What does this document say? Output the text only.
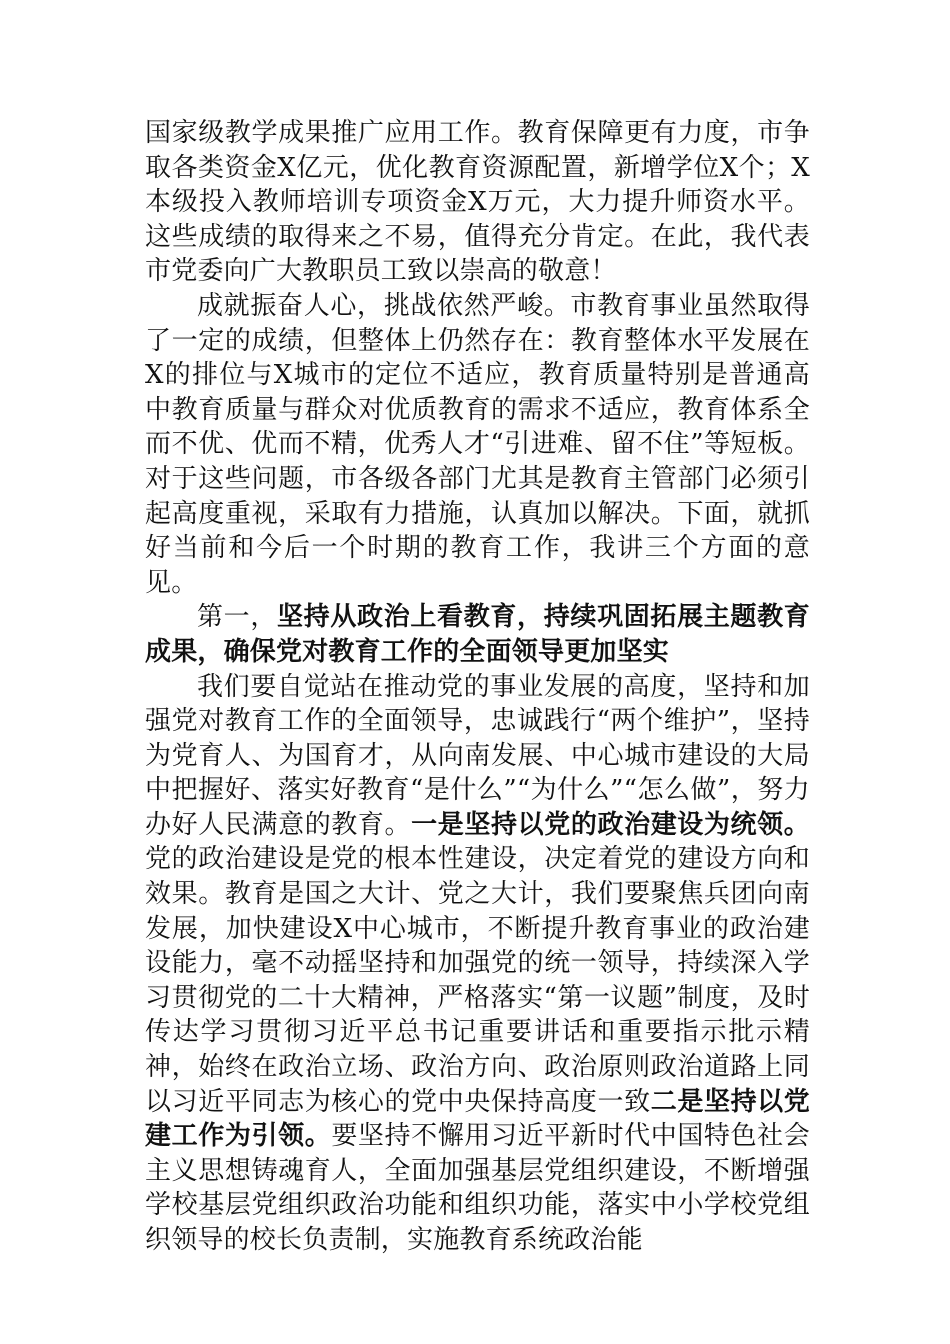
国家级教学成果推广应用工作。教育保障更有力度，市争取各类资金X亿元，优化教育资源配置，新增学位X个；X本级投入教师培训专项资金X万元，大力提升师资水平。这些成绩的取得来之不易，值得充分肯定。在此，我代表市党委向广大教职员工致以崇高的敬意！

成就振奋人心，挑战依然严峻。市教育事业虽然取得了一定的成绩，但整体上仍然存在：教育整体水平发展在X的排位与X城市的定位不适应，教育质量特别是普通高中教育质量与群众对优质教育的需求不适应，教育体系全而不优、优而不精，优秀人才“引进难、留不住”等短板。对于这些问题，市各级各部门尤其是教育主管部门必须引起高度重视，采取有力措施，认真加以解决。下面，就抓好当前和今后一个时期的教育工作，我讲三个方面的意见。

第一，坚持从政治上看教育，持续巩固拓展主题教育成果，确保党对教育工作的全面领导更加坚实

我们要自觉站在推动党的事业发展的高度，坚持和加强党对教育工作的全面领导，忠诚践行“两个维护”，坚持为党育人、为国育才，从向南发展、中心城市建设的大局中把握好、落实好教育“是什么”“为什么”“怎么做”，努力办好人民满意的教育。一是坚持以党的政治建设为统领。党的政治建设是党的根本性建设，决定着党的建设方向和效果。教育是国之大计、党之大计，我们要聚焦兵团向南发展，加快建设X中心城市，不断提升教育事业的政治建设能力，毫不动摇坚持和加强党的统一领导，持续深入学习贯彻党的二十大精神，严格落实“第一议题”制度，及时传达学习贯彻习近平总书记重要讲话和重要指示批示精神，始终在政治立场、政治方向、政治原则政治道路上同以习近平同志为核心的党中央保持高度一致二是坚持以党建工作为引领。要坚持不懈用习近平新时代中国特色社会主义思想铸魂育人，全面加强基层党组织建设，不断增强学校基层党组织政治功能和组织功能，落实中小学校党组织领导的校长负责制，实施教育系统政治能
